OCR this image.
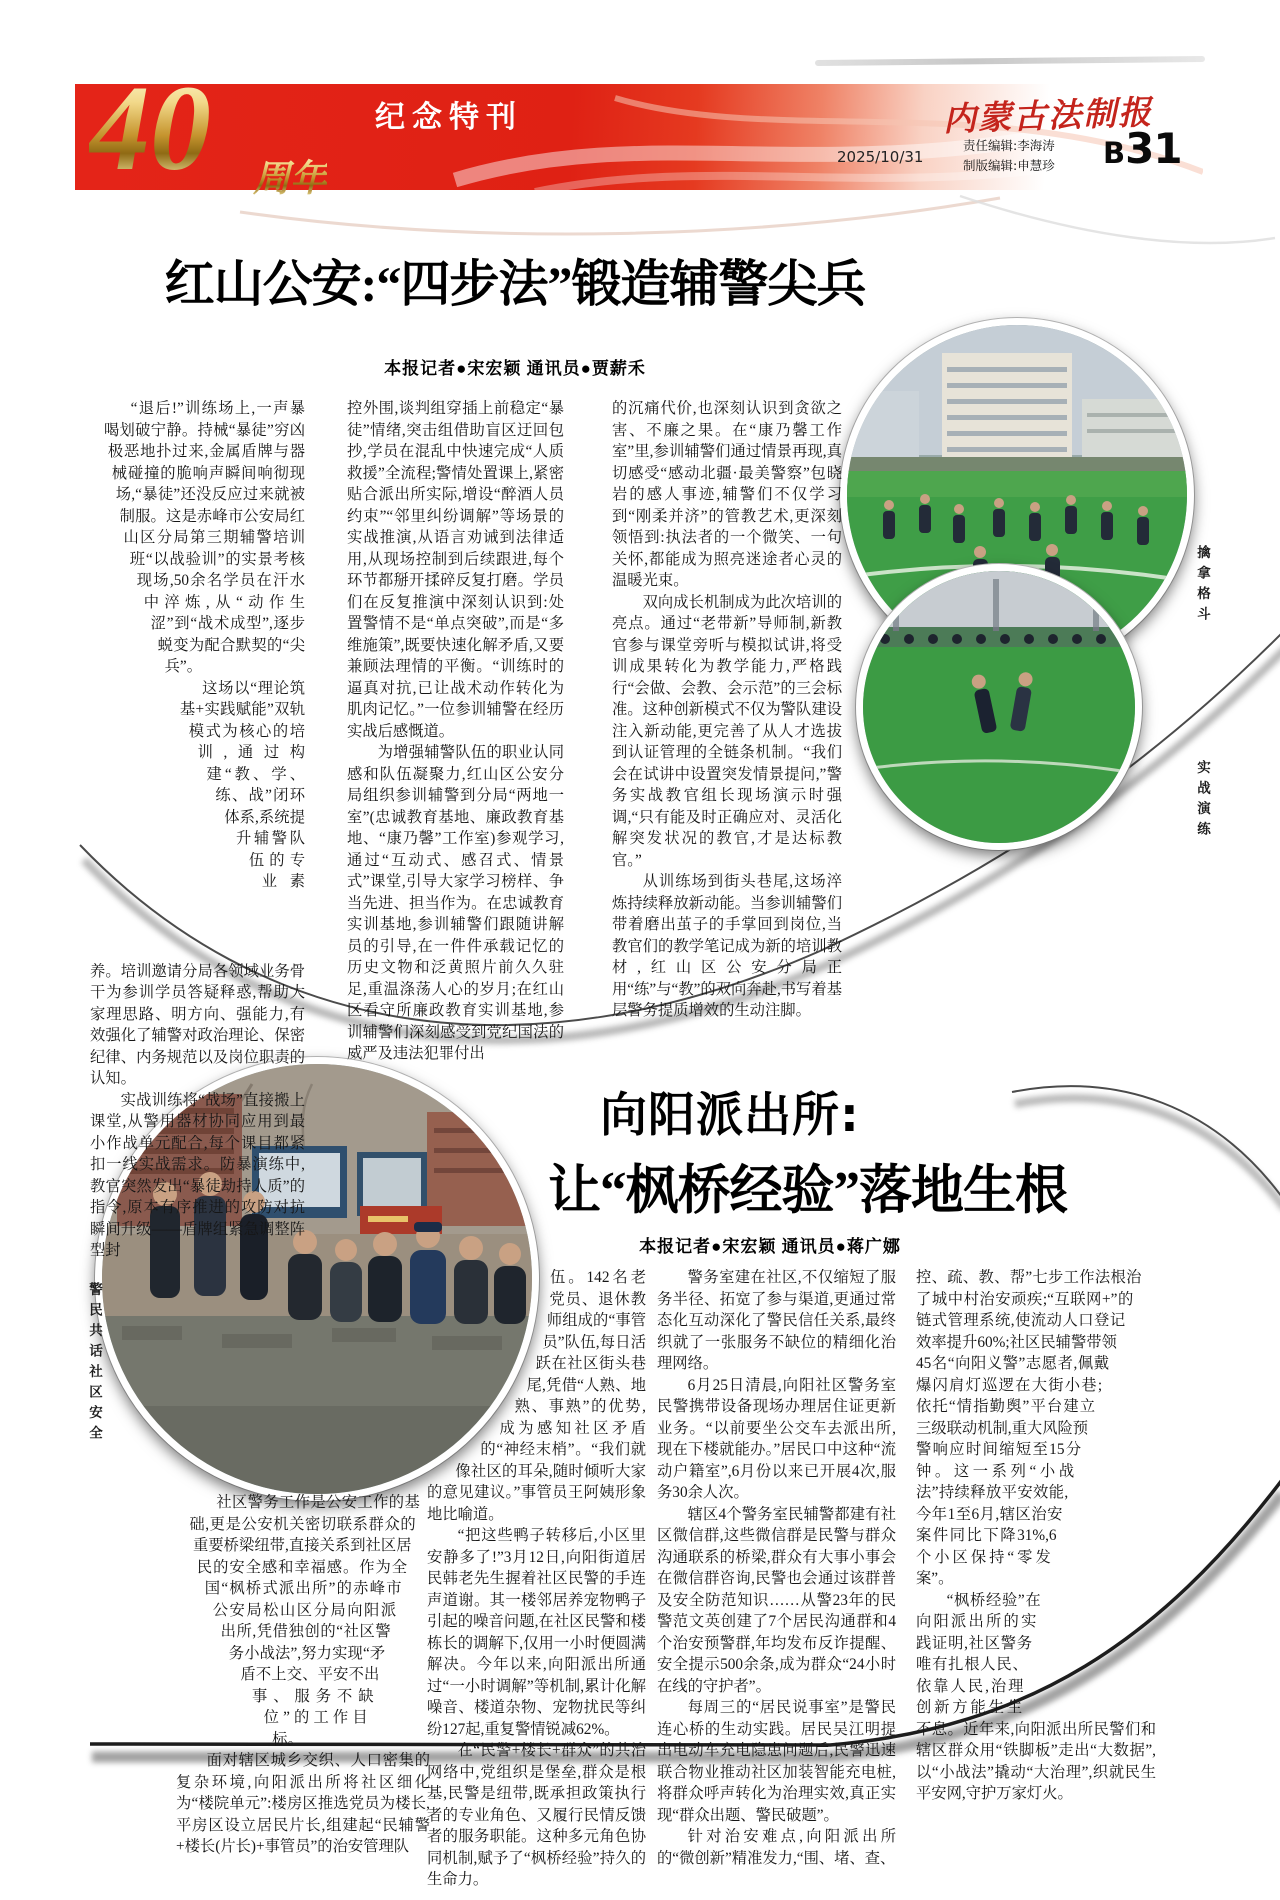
40 周年
纪念特刊	内蒙古法制报
2025/10/31
责任编辑:李海涛
制版编辑:申慧珍 B31
红山公安:“四步法”锻造辅警尖兵
本报记者●宋宏颖 通讯员●贾薪禾

“退后!”训练场上,一声暴喝划破宁静。持械“暴徒”穷凶极恶地扑过来,金属盾牌与器械碰撞的脆响声瞬间响彻现场,“暴徒”还没反应过来就被制服。这是赤峰市公安局红山区分局第三期辅警培训班“以战验训”的实景考核现场,50余名学员在汗水中淬炼,从“动作生涩”到“战术成型”,逐步蜕变为配合默契的“尖兵”。

这场以“理论筑基+实践赋能”双轨模式为核心的培训,通过构建“教、学、练、战”闭环体系,系统提升辅警队伍的专业素养。培训邀请分局各领域业务骨干为参训学员答疑释惑,帮助大家理思路、明方向、强能力,有效强化了辅警对政治理论、保密纪律、内务规范以及岗位职责的认知。

实战训练将“战场”直接搬上课堂,从警用器材协同应用到最小作战单元配合,每个课目都紧扣一线实战需求。防暴演练中,教官突然发出“暴徒劫持人质”的指令,原本有序推进的攻防对抗瞬间升级——盾牌组紧急调整阵型封

控外围,谈判组穿插上前稳定“暴徒”情绪,突击组借助盲区迂回包抄,学员在混乱中快速完成“人质救援”全流程;警情处置课上,紧密贴合派出所实际,增设“醉酒人员约束”“邻里纠纷调解”等场景的实战推演,从语言劝诫到法律适用,从现场控制到后续跟进,每个环节都掰开揉碎反复打磨。学员们在反复推演中深刻认识到:处置警情不是“单点突破”,而是“多维施策”,既要快速化解矛盾,又要兼顾法理情的平衡。“训练时的逼真对抗,已让战术动作转化为肌肉记忆。”一位参训辅警在经历实战后感慨道。

为增强辅警队伍的职业认同感和队伍凝聚力,红山区公安分局组织参训辅警到分局“两地一室”(忠诚教育基地、廉政教育基地、“康乃馨”工作室)参观学习,通过“互动式、感召式、情景式”课堂,引导大家学习榜样、争当先进、担当作为。在忠诚教育实训基地,参训辅警们跟随讲解员的引导,在一件件承载记忆的历史文物和泛黄照片前久久驻足,重温涤荡人心的岁月;在红山区看守所廉政教育实训基地,参训辅警们深刻感受到党纪国法的威严及违法犯罪付出

的沉痛代价,也深刻认识到贪欲之害、不廉之果。在“康乃馨工作室”里,参训辅警们通过情景再现,真切感受“感动北疆·最美警察”包晓岩的感人事迹,辅警们不仅学习到“刚柔并济”的管教艺术,更深刻领悟到:执法者的一个微笑、一句关怀,都能成为照亮迷途者心灵的温暖光束。

双向成长机制成为此次培训的亮点。通过“老带新”导师制,新教官参与课堂旁听与模拟试讲,将受训成果转化为教学能力,严格践行“会做、会教、会示范”的三会标准。这种创新模式不仅为警队建设注入新动能,更完善了从人才选拔到认证管理的全链条机制。“我们会在试讲中设置突发情景提问,”警务实战教官组长现场演示时强调,“只有能及时正确应对、灵活化解突发状况的教官,才是达标教官。”

从训练场到街头巷尾,这场淬炼持续释放新动能。当参训辅警们带着磨出茧子的手掌回到岗位,当教官们的教学笔记成为新的培训教材,红山区公安分局正用“练”与“教”的双向奔赴,书写着基层警务提质增效的生动注脚。

擒拿格斗
实战演练
警民共话社区安全
向阳派出所:
让“枫桥经验”落地生根
本报记者●宋宏颖 通讯员●蒋广娜

社区警务工作是公安工作的基础,更是公安机关密切联系群众的重要桥梁纽带,直接关系到社区居民的安全感和幸福感。作为全国“枫桥式派出所”的赤峰市公安局松山区分局向阳派出所,凭借独创的“社区警务小战法”,努力实现“矛盾不上交、平安不出事、服务不缺位”的工作目标。

面对辖区城乡交织、人口密集的复杂环境,向阳派出所将社区细化为“楼院单元”:楼房区推选党员为楼长,平房区设立居民片长,组建起“民辅警+楼长(片长)+事管员”的治安管理队

伍。142名老党员、退休教师组成的“事管员”队伍,每日活跃在社区街头巷尾,凭借“人熟、地熟、事熟”的优势,成为感知社区矛盾的“神经末梢”。“我们就像社区的耳朵,随时倾听大家的意见建议。”事管员王阿姨形象地比喻道。

“把这些鸭子转移后,小区里安静多了!”3月12日,向阳街道居民韩老先生握着社区民警的手连声道谢。其一楼邻居养宠物鸭子引起的噪音问题,在社区民警和楼栋长的调解下,仅用一小时便圆满解决。今年以来,向阳派出所通过“一小时调解”等机制,累计化解噪音、楼道杂物、宠物扰民等纠纷127起,重复警情锐减62%。

在“民警+楼长+群众”的共治网络中,党组织是堡垒,群众是根基,民警是纽带,既承担政策执行者的专业角色、又履行民情反馈者的服务职能。这种多元角色协同机制,赋予了“枫桥经验”持久的生命力。

警务室建在社区,不仅缩短了服务半径、拓宽了参与渠道,更通过常态化互动深化了警民信任关系,最终织就了一张服务不缺位的精细化治理网络。

6月25日清晨,向阳社区警务室民警携带设备现场办理居住证更新业务。“以前要坐公交车去派出所,现在下楼就能办。”居民口中这种“流动户籍室”,6月份以来已开展4次,服务30余人次。

辖区4个警务室民辅警都建有社区微信群,这些微信群是民警与群众沟通联系的桥梁,群众有大事小事会在微信群咨询,民警也会通过该群普及安全防范知识……从警23年的民警范文英创建了7个居民沟通群和4个治安预警群,年均发布反诈提醒、安全提示500余条,成为群众“24小时在线的守护者”。

每周三的“居民说事室”是警民连心桥的生动实践。居民吴江明提出电动车充电隐患问题后,民警迅速联合物业推动社区加装智能充电桩,将群众呼声转化为治理实效,真正实现“群众出题、警民破题”。

针对治安难点,向阳派出所的“微创新”精准发力,“围、堵、查、

控、疏、教、帮”七步工作法根治了城中村治安顽疾;“互联网+”的链式管理系统,使流动人口登记效率提升60%;社区民辅警带领45名“向阳义警”志愿者,佩戴爆闪肩灯巡逻在大街小巷;依托“情指勤舆”平台建立三级联动机制,重大风险预警响应时间缩短至15分钟。这一系列“小战法”持续释放平安效能,今年1至6月,辖区治安案件同比下降31%,6个小区保持“零发案”。

“枫桥经验”在向阳派出所的实践证明,社区警务唯有扎根人民、依靠人民,治理创新方能生生不息。近年来,向阳派出所民警们和辖区群众用“铁脚板”走出“大数据”,以“小战法”撬动“大治理”,织就民生平安网,守护万家灯火。
